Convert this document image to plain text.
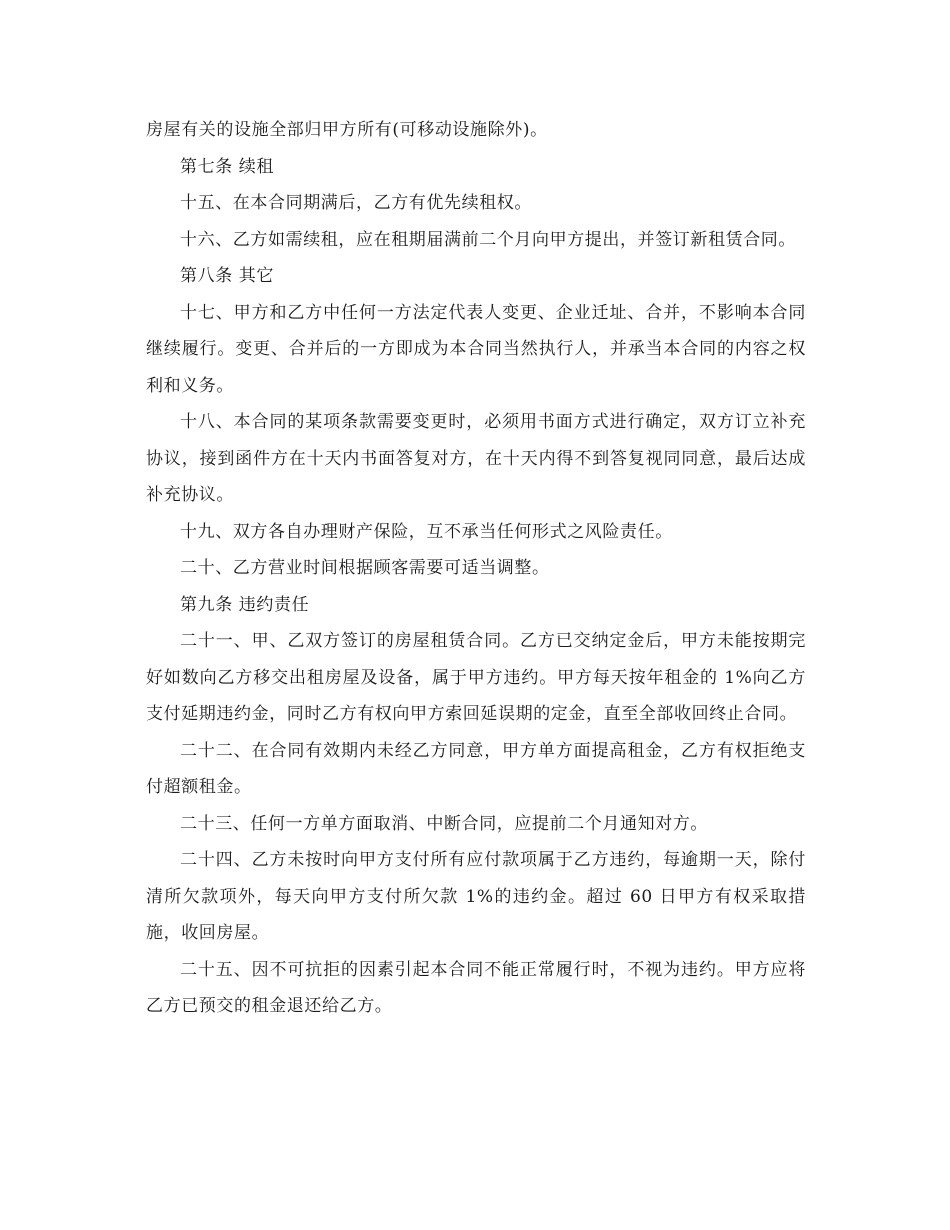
房屋有关的设施全部归甲方所有(可移动设施除外)。

第七条 续租

十五、在本合同期满后，乙方有优先续租权。

十六、乙方如需续租，应在租期届满前二个月向甲方提出，并签订新租赁合同。

第八条 其它

十七、甲方和乙方中任何一方法定代表人变更、企业迁址、合并，不影响本合同继续履行。变更、合并后的一方即成为本合同当然执行人，并承当本合同的内容之权利和义务。

十八、本合同的某项条款需要变更时，必须用书面方式进行确定，双方订立补充协议，接到函件方在十天内书面答复对方，在十天内得不到答复视同同意，最后达成补充协议。

十九、双方各自办理财产保险，互不承当任何形式之风险责任。

二十、乙方营业时间根据顾客需要可适当调整。

第九条 违约责任

二十一、甲、乙双方签订的房屋租赁合同。乙方已交纳定金后，甲方未能按期完好如数向乙方移交出租房屋及设备，属于甲方违约。甲方每天按年租金的 1%向乙方支付延期违约金，同时乙方有权向甲方索回延误期的定金，直至全部收回终止合同。

二十二、在合同有效期内未经乙方同意，甲方单方面提高租金，乙方有权拒绝支付超额租金。

二十三、任何一方单方面取消、中断合同，应提前二个月通知对方。

二十四、乙方未按时向甲方支付所有应付款项属于乙方违约，每逾期一天，除付清所欠款项外，每天向甲方支付所欠款 1%的违约金。超过 60 日甲方有权采取措施，收回房屋。

二十五、因不可抗拒的因素引起本合同不能正常履行时，不视为违约。甲方应将乙方已预交的租金退还给乙方。
